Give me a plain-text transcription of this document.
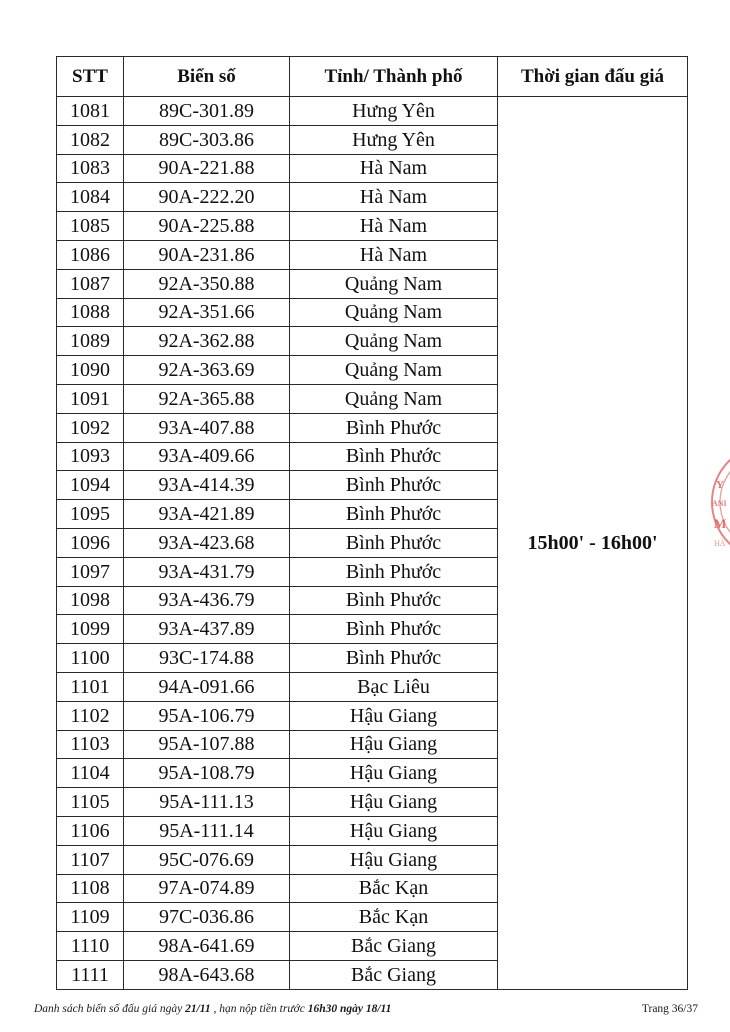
STT	Biển số	Tỉnh/ Thành phố	Thời gian đấu giá
1081	89C-301.89	Hưng Yên	15h00' - 16h00'
1082	89C-303.86	Hưng Yên	
1083	90A-221.88	Hà Nam	
1084	90A-222.20	Hà Nam	
1085	90A-225.88	Hà Nam	
1086	90A-231.86	Hà Nam	
1087	92A-350.88	Quảng Nam	
1088	92A-351.66	Quảng Nam	
1089	92A-362.88	Quảng Nam	
1090	92A-363.69	Quảng Nam	
1091	92A-365.88	Quảng Nam	
1092	93A-407.88	Bình Phước	
1093	93A-409.66	Bình Phước	
1094	93A-414.39	Bình Phước	
1095	93A-421.89	Bình Phước	
1096	93A-423.68	Bình Phước	
1097	93A-431.79	Bình Phước	
1098	93A-436.79	Bình Phước	
1099	93A-437.89	Bình Phước	
1100	93C-174.88	Bình Phước	
1101	94A-091.66	Bạc Liêu	
1102	95A-106.79	Hậu Giang	
1103	95A-107.88	Hậu Giang	
1104	95A-108.79	Hậu Giang	
1105	95A-111.13	Hậu Giang	
1106	95A-111.14	Hậu Giang	
1107	95C-076.69	Hậu Giang	
1108	97A-074.89	Bắc Kạn	
1109	97C-036.86	Bắc Kạn	
1110	98A-641.69	Bắc Giang	
1111	98A-643.68	Bắc Giang	
Danh sách biển số đấu giá ngày 21/11 , hạn nộp tiền trước 16h30 ngày 18/11	Trang 36/37
Y
ANI
M
HÀ
